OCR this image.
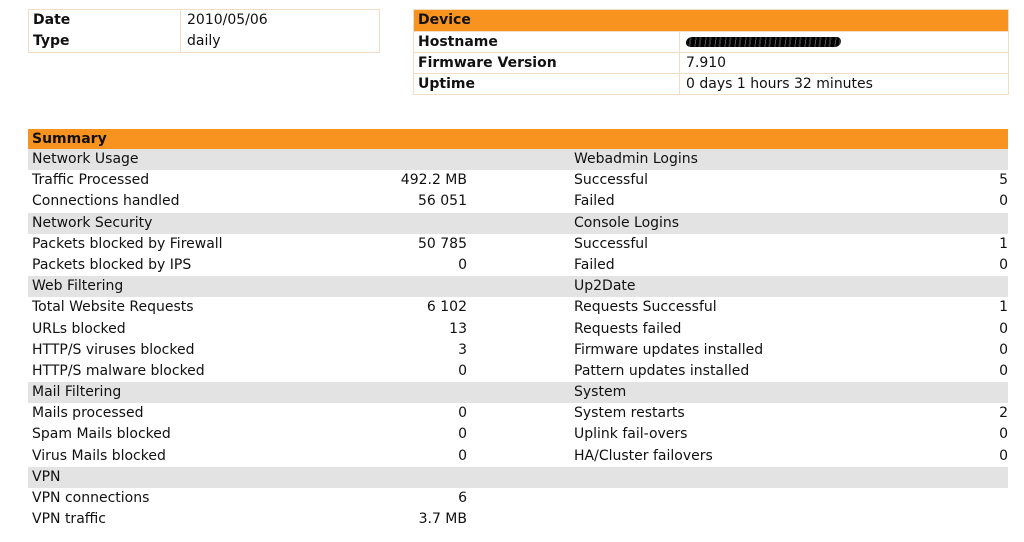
Date	2010/05/06
Type	daily
Device
Hostname
Firmware Version	7.910
Uptime	0 days 1 hours 32 minutes
Summary
Network Usage	Webadmin Logins
Traffic Processed	492.2 MB	Successful	5
Connections handled	56 051	Failed	0
Network Security	Console Logins
Packets blocked by Firewall	50 785	Successful	1
Packets blocked by IPS	0	Failed	0
Web Filtering	Up2Date
Total Website Requests	6 102	Requests Successful	1
URLs blocked	13	Requests failed	0
HTTP/S viruses blocked	3	Firmware updates installed	0
HTTP/S malware blocked	0	Pattern updates installed	0
Mail Filtering	System
Mails processed	0	System restarts	2
Spam Mails blocked	0	Uplink fail-overs	0
Virus Mails blocked	0	HA/Cluster failovers	0
VPN
VPN connections	6
VPN traffic	3.7 MB
